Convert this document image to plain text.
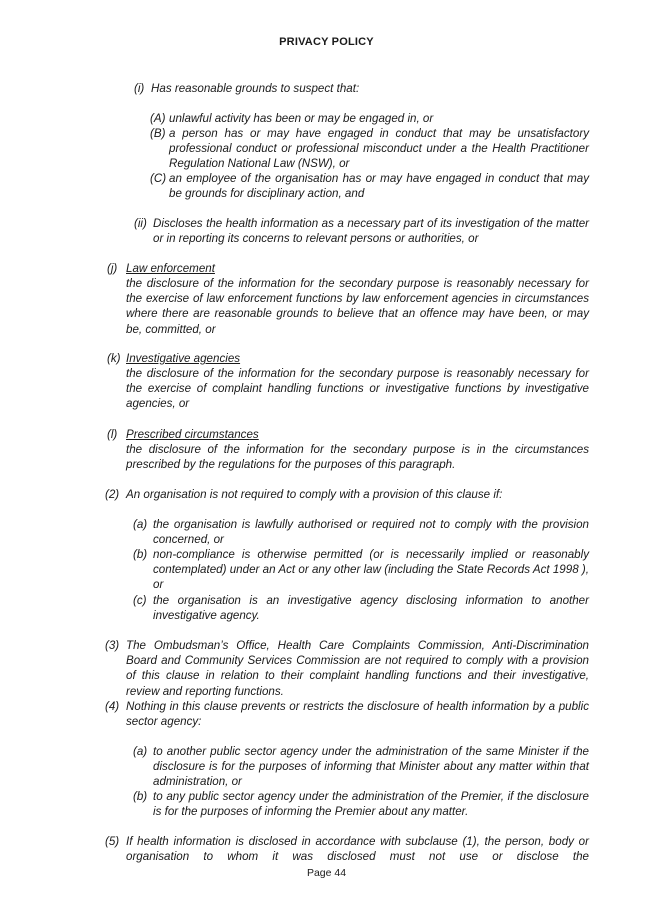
PRIVACY POLICY
(i) Has reasonable grounds to suspect that:
(A) unlawful activity has been or may be engaged in, or
(B) a person has or may have engaged in conduct that may be unsatisfactory professional conduct or professional misconduct under a the Health Practitioner Regulation National Law (NSW), or
(C) an employee of the organisation has or may have engaged in conduct that may be grounds for disciplinary action, and
(ii) Discloses the health information as a necessary part of its investigation of the matter or in reporting its concerns to relevant persons or authorities, or
(j) Law enforcement
the disclosure of the information for the secondary purpose is reasonably necessary for the exercise of law enforcement functions by law enforcement agencies in circumstances where there are reasonable grounds to believe that an offence may have been, or may be, committed, or
(k) Investigative agencies
the disclosure of the information for the secondary purpose is reasonably necessary for the exercise of complaint handling functions or investigative functions by investigative agencies, or
(l) Prescribed circumstances
the disclosure of the information for the secondary purpose is in the circumstances prescribed by the regulations for the purposes of this paragraph.
(2) An organisation is not required to comply with a provision of this clause if:
(a) the organisation is lawfully authorised or required not to comply with the provision concerned, or
(b) non-compliance is otherwise permitted (or is necessarily implied or reasonably contemplated) under an Act or any other law (including the State Records Act 1998 ), or
(c) the organisation is an investigative agency disclosing information to another investigative agency.
(3) The Ombudsman’s Office, Health Care Complaints Commission, Anti-Discrimination Board and Community Services Commission are not required to comply with a provision of this clause in relation to their complaint handling functions and their investigative, review and reporting functions.
(4) Nothing in this clause prevents or restricts the disclosure of health information by a public sector agency:
(a) to another public sector agency under the administration of the same Minister if the disclosure is for the purposes of informing that Minister about any matter within that administration, or
(b) to any public sector agency under the administration of the Premier, if the disclosure is for the purposes of informing the Premier about any matter.
(5) If health information is disclosed in accordance with subclause (1), the person, body or organisation to whom it was disclosed must not use or disclose the
Page 44
